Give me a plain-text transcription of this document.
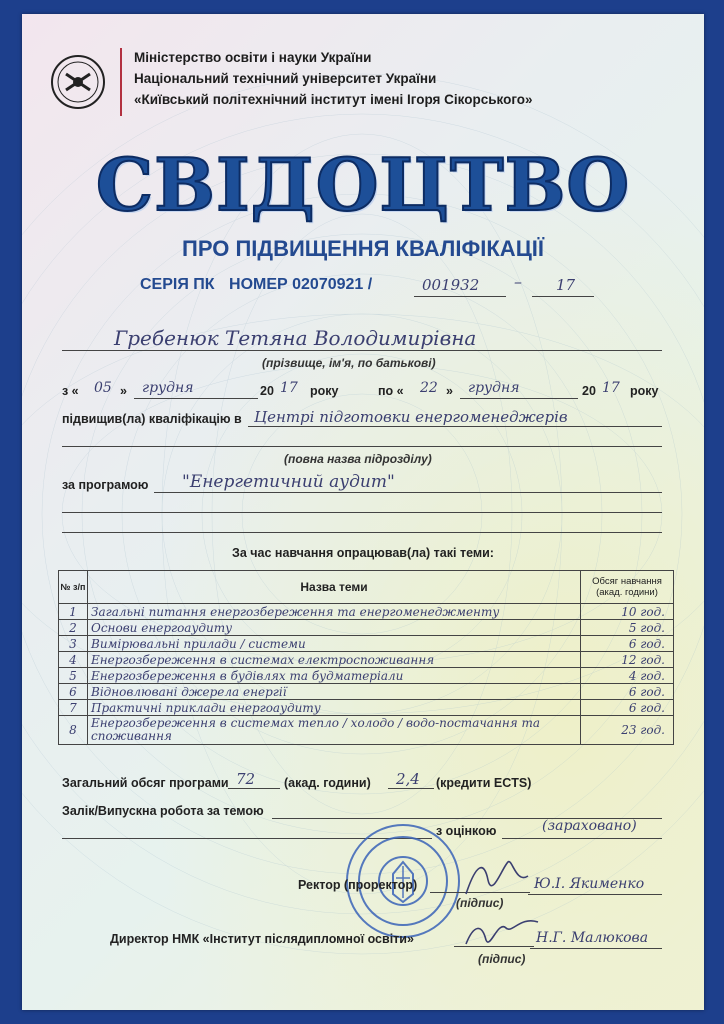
Міністерство освіти і науки України
Національний технічний університет України
«Київський політехнічний інститут імені Ігоря Сікорського»
СВІДОЦТВО
ПРО ПІДВИЩЕННЯ КВАЛІФІКАЦІЇ
СЕРІЯ ПК НОМЕР 02070921 /	001932 – 17
Гребенюк Тетяна Володимирівна
(прізвище, ім'я, по батькові)
з « 05 » грудня	20 17 року	по « 22 » грудня	20 17 року
підвищив(ла) кваліфікацію в Центрі підготовки енергоменеджерів
(повна назва підрозділу)
за програмою "Енергетичний аудит"
За час навчання опрацював(ла) такі теми:
№ з/п	Назва теми	Обсяг навчання (акад. години)
1	Загальні питання енергозбереження та енергоменеджменту	10 год.
2	Основи енергоаудиту	5 год.
3	Вимірювальні прилади / системи	6 год.
4	Енергозбереження в системах електроспоживання	12 год.
5	Енергозбереження в будівлях та будматеріали	4 год.
6	Відновлювані джерела енергії	6 год.
7	Практичні приклади енергоаудиту	6 год.
8	Енергозбереження в системах тепло / холодо / водо-постачання та споживання	23 год.
Загальний обсяг програми 72 (акад. години) 2,4 (кредити ECTS)
Залік/Випускна робота за темою
з оцінкою	(зараховано)
Ректор (проректор)
(підпис)
Ю.І. Якименко
Директор НМК «Інститут післядипломної освіти»
(підпис)
Н.Г. Малюкова
